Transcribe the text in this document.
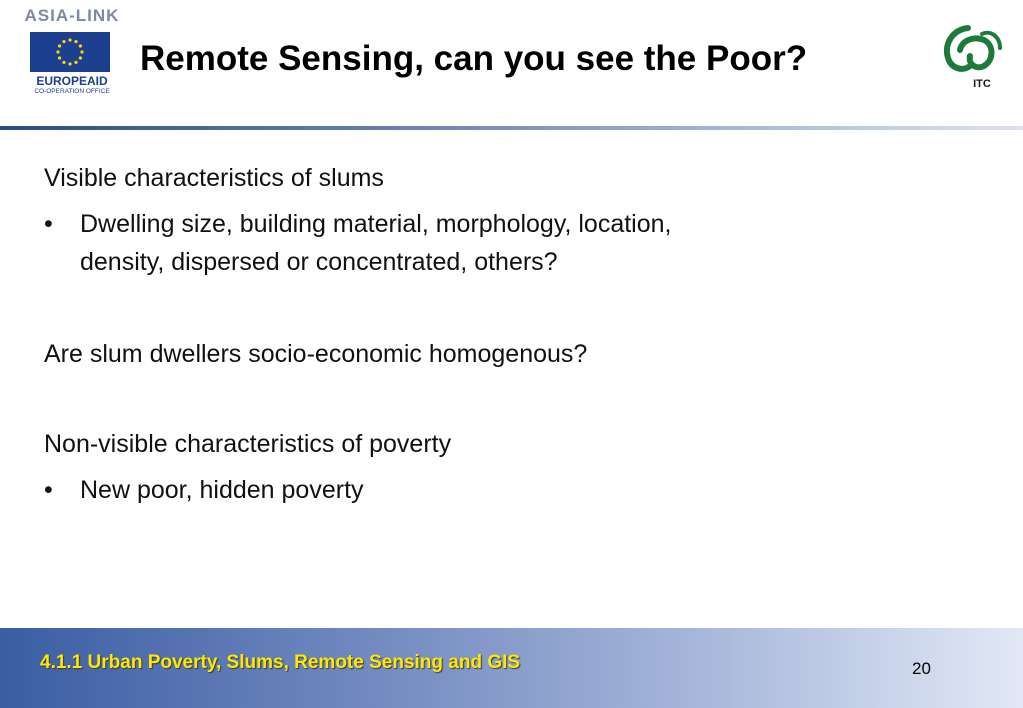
ASIA-LINK
EUROPEAID
CO-OPERATION OFFICE
Remote Sensing, can you see the Poor?
ITC
Visible characteristics of slums
• Dwelling size, building material, morphology, location,
density, dispersed or concentrated, others?
Are slum dwellers socio-economic homogenous?
Non-visible characteristics of poverty
• New poor, hidden poverty
4.1.1 Urban Poverty, Slums, Remote Sensing and GIS	20
